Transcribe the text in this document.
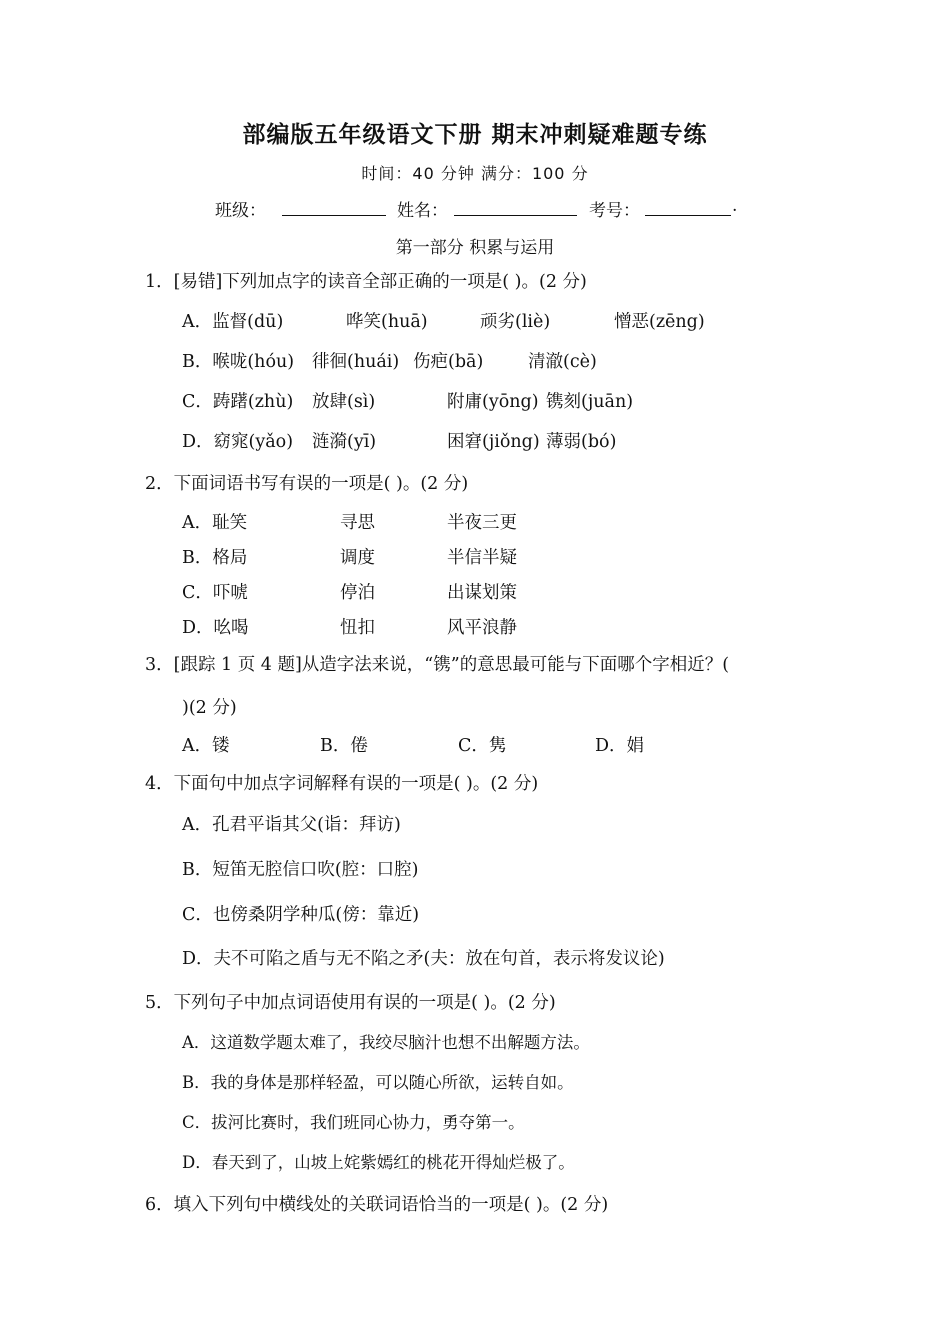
部编版五年级语文下册 期末冲刺疑难题专练
时间：40 分钟 满分：100 分
班级：	姓名：	考号：	.
第一部分 积累与运用
1．[易错]下列加点字的读音全部正确的一项是( )。(2 分)
A．监督(dū)	哗笑(huā)	顽劣(liè)	憎恶(zēng)
B．喉咙(hóu) 徘徊(huái) 伤疤(bā)	清澈(cè)
C．踌躇(zhù) 放肆(sì)	附庸(yōng) 镌刻(juān)
D．窈窕(yǎo) 涟漪(yī)	困窘(jiǒng) 薄弱(bó)
2．下面词语书写有误的一项是( )。(2 分)
A．耻笑	寻思	半夜三更
B．格局	调度	半信半疑
C．吓唬	停泊	出谋划策
D．吆喝	忸扣	风平浪静
3．[跟踪 1 页 4 题]从造字法来说，“镌”的意思最可能与下面哪个字相近？(
)(2 分)
A．镂	B．倦	C．隽	D．娟
4．下面句中加点字词解释有误的一项是( )。(2 分)
A．孔君平诣其父(诣：拜访)
B．短笛无腔信口吹(腔：口腔)
C．也傍桑阴学种瓜(傍：靠近)
D．夫不可陷之盾与无不陷之矛(夫：放在句首，表示将发议论)
5．下列句子中加点词语使用有误的一项是( )。(2 分)
A．这道数学题太难了，我绞尽脑汁也想不出解题方法。
B．我的身体是那样轻盈，可以随心所欲，运转自如。
C．拔河比赛时，我们班同心协力，勇夺第一。
D．春天到了，山坡上姹紫嫣红的桃花开得灿烂极了。
6．填入下列句中横线处的关联词语恰当的一项是( )。(2 分)
